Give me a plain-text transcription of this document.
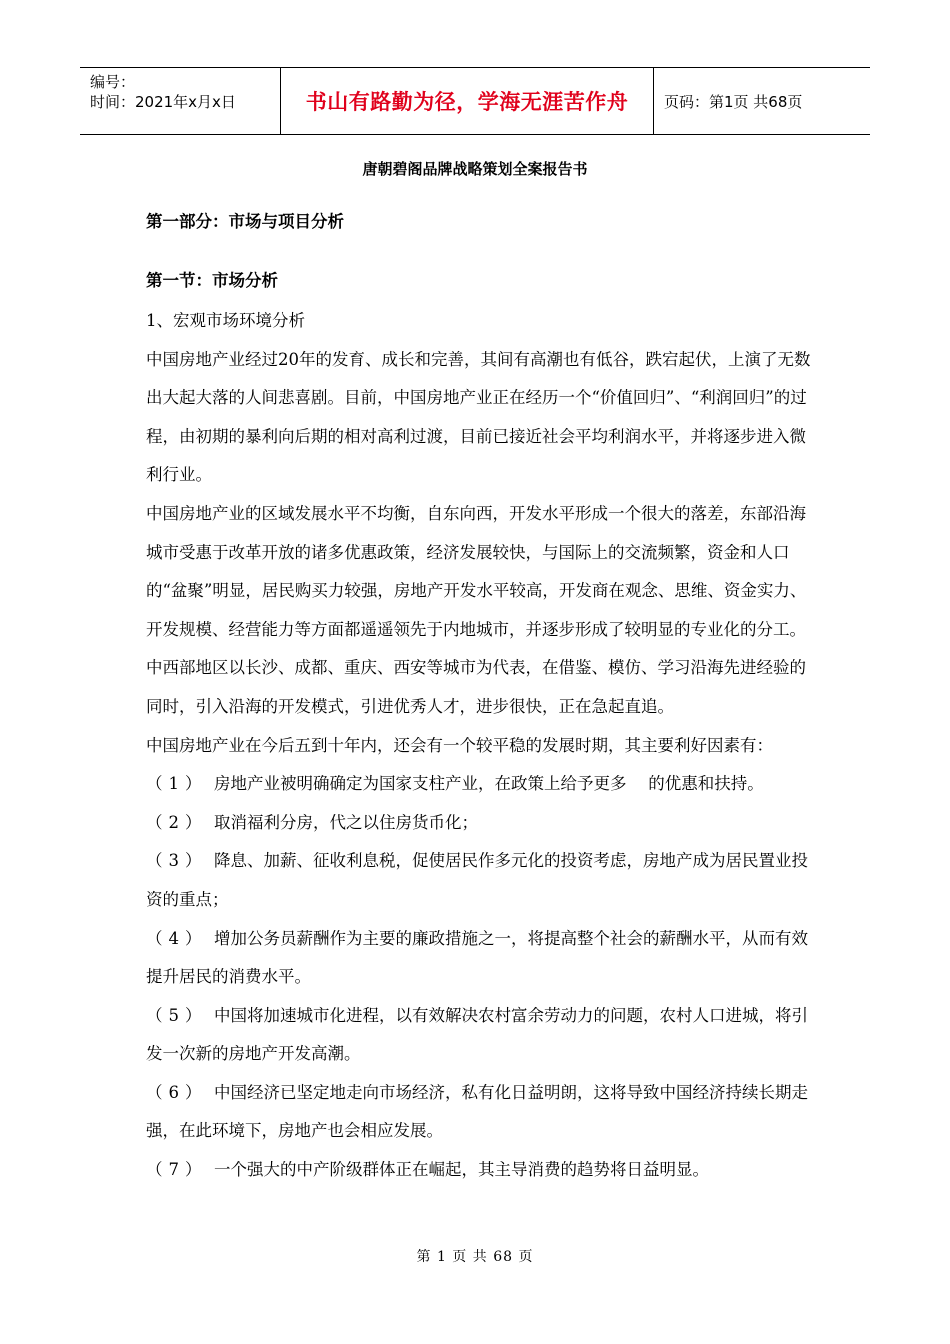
编号：
时间：2021年x月x日	书山有路勤为径，学海无涯苦作舟	页码：第1页 共68页
唐朝碧阁品牌战略策划全案报告书
第一部分：市场与项目分析
第一节：市场分析

1、宏观市场环境分析

中国房地产业经过20年的发育、成长和完善，其间有高潮也有低谷，跌宕起伏，上演了无数出大起大落的人间悲喜剧。目前，中国房地产业正在经历一个“价值回归”、“利润回归”的过程，由初期的暴利向后期的相对高利过渡，目前已接近社会平均利润水平，并将逐步进入微利行业。

中国房地产业的区域发展水平不均衡，自东向西，开发水平形成一个很大的落差，东部沿海城市受惠于改革开放的诸多优惠政策，经济发展较快，与国际上的交流频繁，资金和人口的“盆聚”明显，居民购买力较强，房地产开发水平较高，开发商在观念、思维、资金实力、开发规模、经营能力等方面都遥遥领先于内地城市，并逐步形成了较明显的专业化的分工。中西部地区以长沙、成都、重庆、西安等城市为代表，在借鉴、模仿、学习沿海先进经验的同时，引入沿海的开发模式，引进优秀人才，进步很快，正在急起直追。

中国房地产业在今后五到十年内，还会有一个较平稳的发展时期，其主要利好因素有：

（1） 房地产业被明确确定为国家支柱产业，在政策上给予更多　 的优惠和扶持。

（2） 取消福利分房，代之以住房货币化；

（3） 降息、加薪、征收利息税，促使居民作多元化的投资考虑，房地产成为居民置业投资的重点；

（4） 增加公务员薪酬作为主要的廉政措施之一，将提高整个社会的薪酬水平，从而有效提升居民的消费水平。

（5） 中国将加速城市化进程，以有效解决农村富余劳动力的问题，农村人口进城，将引发一次新的房地产开发高潮。

（6） 中国经济已坚定地走向市场经济，私有化日益明朗，这将导致中国经济持续长期走强，在此环境下，房地产也会相应发展。

（7） 一个强大的中产阶级群体正在崛起，其主导消费的趋势将日益明显。

第 1 页 共 68 页
